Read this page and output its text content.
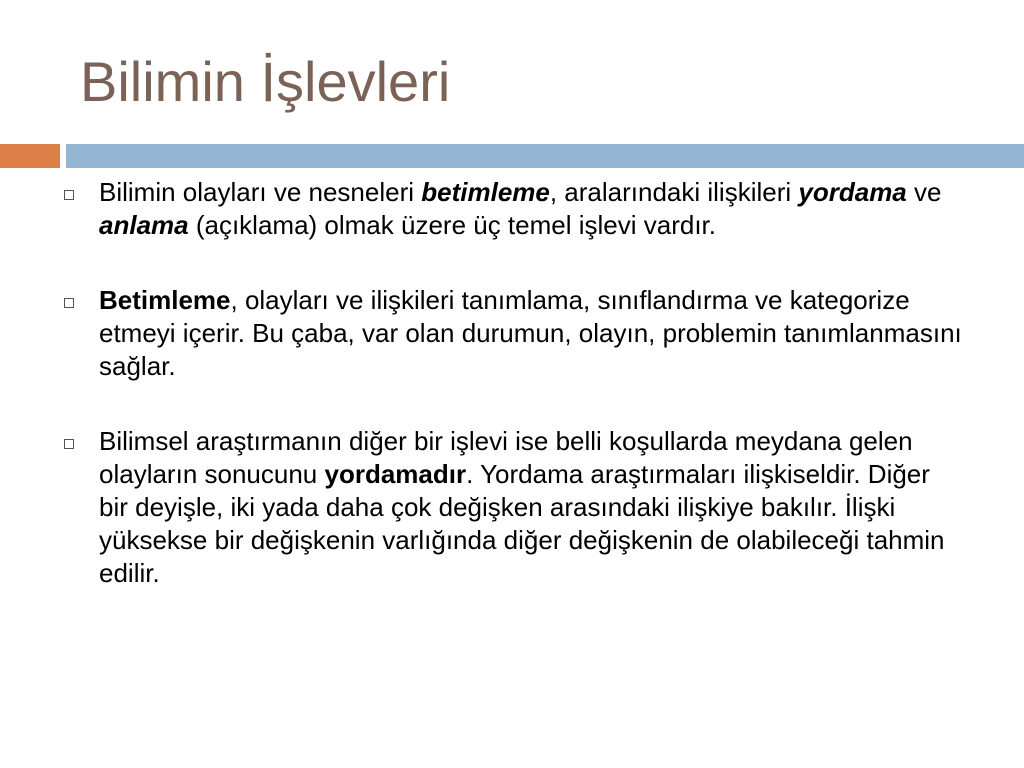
Bilimin İşlevleri
Bilimin olayları ve nesneleri betimleme, aralarındaki ilişkileri yordama ve anlama (açıklama) olmak üzere üç temel işlevi vardır.
Betimleme, olayları ve ilişkileri tanımlama, sınıflandırma ve kategorize etmeyi içerir. Bu çaba, var olan durumun, olayın, problemin tanımlanmasını sağlar.
Bilimsel araştırmanın diğer bir işlevi ise belli koşullarda meydana gelen olayların sonucunu yordamadır. Yordama araştırmaları ilişkiseldir. Diğer bir deyişle, iki yada daha çok değişken arasındaki ilişkiye bakılır. İlişki yüksekse bir değişkenin varlığında diğer değişkenin de olabileceği tahmin edilir.
